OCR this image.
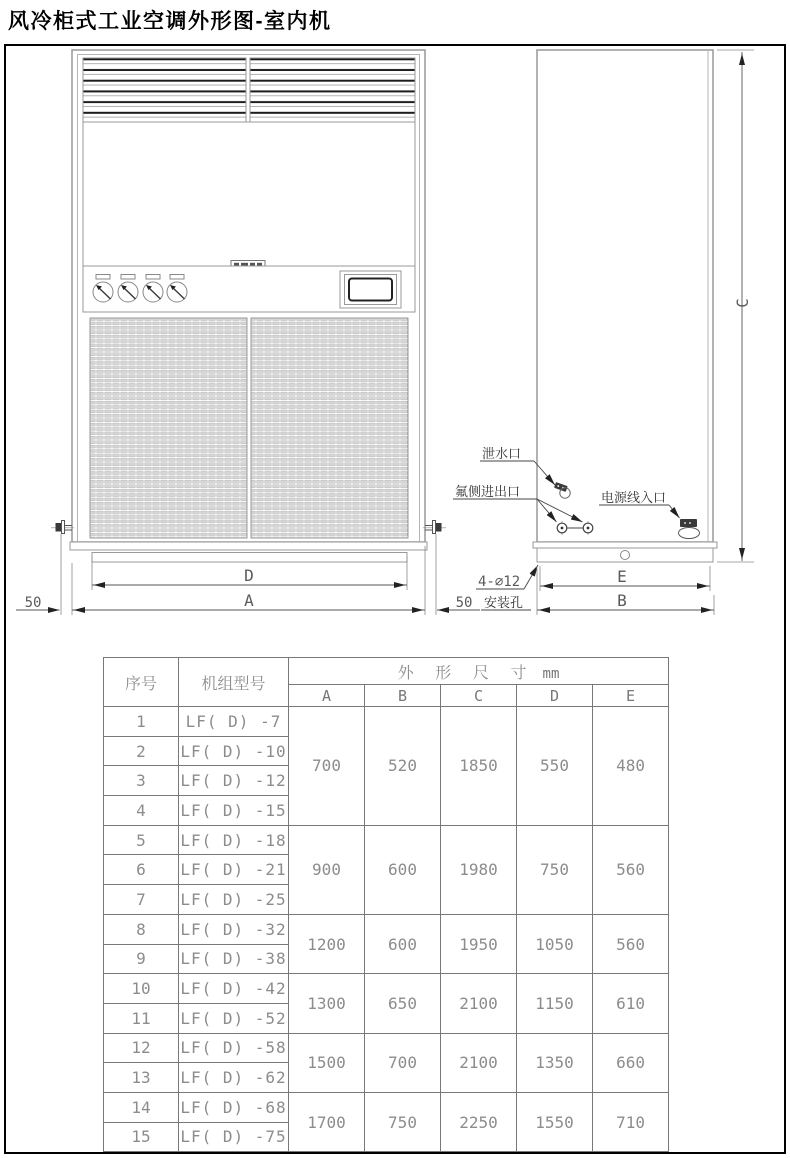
风冷柜式工业空调外形图-室内机
D
A
50	50
泄水口
氟侧进出口	电源线入口
4-∅12
安装孔
E
B
C
序号	机组型号	外 形 尺 寸 mm				
		A	B	C	D	E
1	LF( D) -7	700	520	1850	550	480
2	LF( D) -10					
3	LF( D) -12					
4	LF( D) -15					
5	LF( D) -18	900	600	1980	750	560
6	LF( D) -21					
7	LF( D) -25					
8	LF( D) -32	1200	600	1950	1050	560
9	LF( D) -38					
10	LF( D) -42	1300	650	2100	1150	610
11	LF( D) -52					
12	LF( D) -58	1500	700	2100	1350	660
13	LF( D) -62					
14	LF( D) -68	1700	750	2250	1550	710
15	LF( D) -75					
